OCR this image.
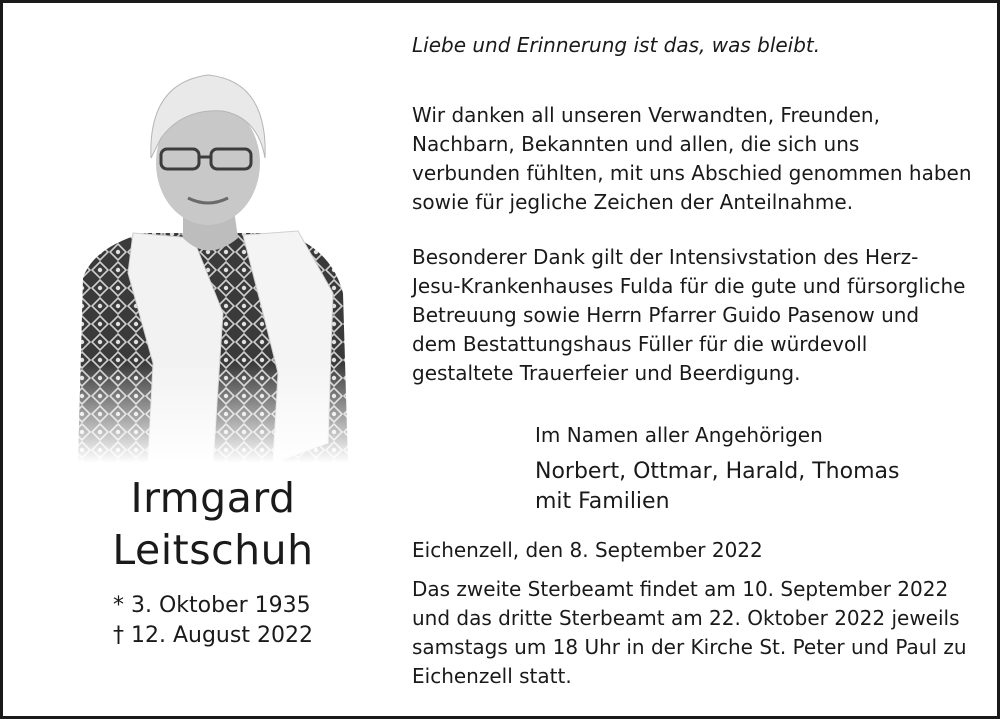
Irmgard
Leitschuh
* 3. Oktober 1935
† 12. August 2022
Liebe und Erinnerung ist das, was bleibt.
Wir danken all unseren Verwandten, Freunden,
Nachbarn, Bekannten und allen, die sich uns
verbunden fühlten, mit uns Abschied genommen haben
sowie für jegliche Zeichen der Anteilnahme.
Besonderer Dank gilt der Intensivstation des Herz-
Jesu-Krankenhauses Fulda für die gute und fürsorgliche
Betreuung sowie Herrn Pfarrer Guido Pasenow und
dem Bestattungshaus Füller für die würdevoll
gestaltete Trauerfeier und Beerdigung.
Im Namen aller Angehörigen
Norbert, Ottmar, Harald, Thomas
mit Familien
Eichenzell, den 8. September 2022
Das zweite Sterbeamt findet am 10. September 2022
und das dritte Sterbeamt am 22. Oktober 2022 jeweils
samstags um 18 Uhr in der Kirche St. Peter und Paul zu
Eichenzell statt.
